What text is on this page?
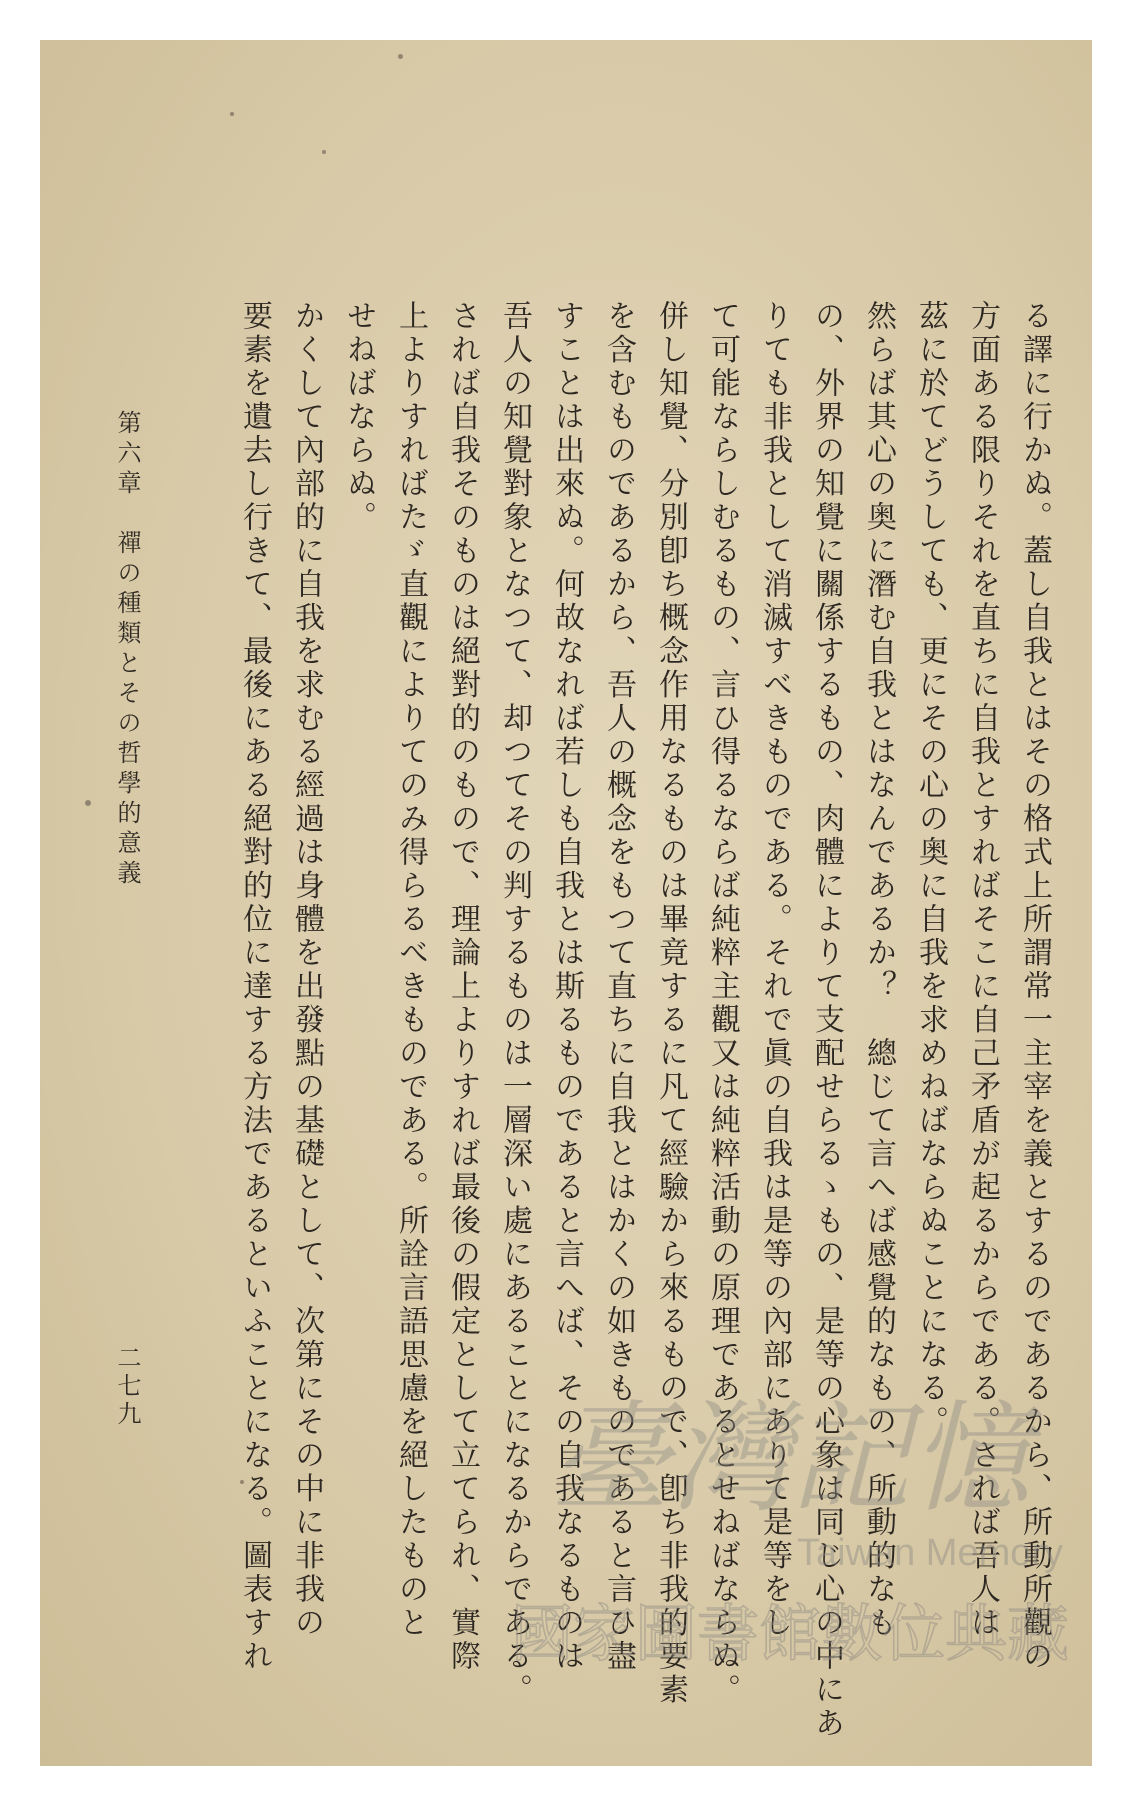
る譯に行かぬ。蓋し自我とはその格式上所謂常一主宰を義とするのであるから、所動所觀の

方面ある限りそれを直ちに自我とすればそこに自己矛盾が起るからである。されば吾人は

茲に於てどうしても、更にその心の奥に自我を求めねばならぬことになる。

然らば其心の奥に潛む自我とはなんであるか？　總じて言へば感覺的なもの、所動的なも

の、外界の知覺に關係するもの、肉體によりて支配せらるゝもの、是等の心象は同じ心の中にあ

りても非我として消滅すべきものである。それで眞の自我は是等の內部にありて是等をし

て可能ならしむるもの、言ひ得るならば純粹主觀又は純粹活動の原理であるとせねばならぬ。

併し知覺、分別卽ち概念作用なるものは畢竟するに凡て經驗から來るもので、卽ち非我的要素

を含むものであるから、吾人の概念をもつて直ちに自我とはかくの如きものであると言ひ盡

すことは出來ぬ。何故なれば若しも自我とは斯るものであると言へば、その自我なるものは

吾人の知覺對象となつて、却つてその判するものは一層深い處にあることになるからである。

されば自我そのものは絕對的のもので、理論上よりすれば最後の假定として立てられ、實際

上よりすればたゞ直觀によりてのみ得らるべきものである。所詮言語思慮を絕したものと

せねばならぬ。

かくして內部的に自我を求むる經過は身體を出發點の基礎として、次第にその中に非我の

要素を遺去し行きて、最後にある絕對的位に達する方法であるといふことになる。圖表すれ

第六章　禪の種類とその哲學的意義
二七九
臺灣記憶
Taiwan Memory
國家圖書館數位典藏
